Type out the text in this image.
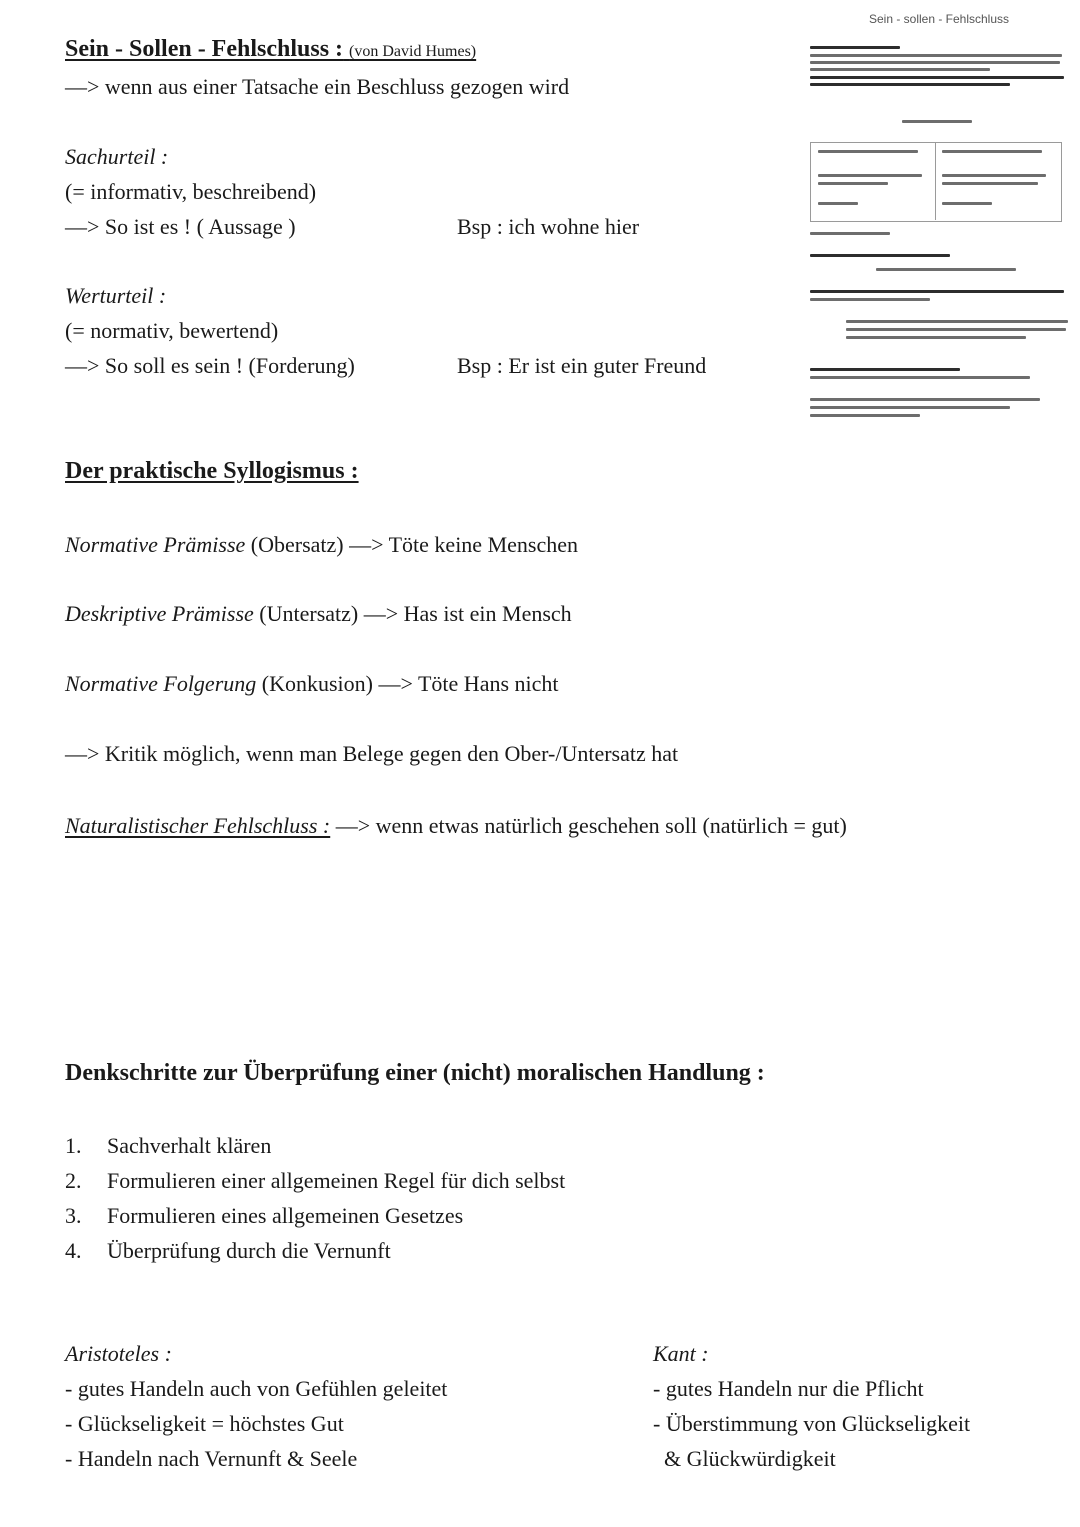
Sein - Sollen - Fehlschluss : (von David Humes)
—> wenn aus einer Tatsache ein Beschluss gezogen wird
Sachurteil :
(= informativ, beschreibend)
—> So ist es ! ( Aussage )	Bsp : ich wohne hier
Werturteil :
(= normativ, bewertend)
—> So soll es sein ! (Forderung)	Bsp : Er ist ein guter Freund
Sein - sollen - Fehlschluss
Der praktische Syllogismus :
Normative Prämisse (Obersatz) —> Töte keine Menschen
Deskriptive Prämisse (Untersatz) —> Has ist ein Mensch
Normative Folgerung (Konkusion) —> Töte Hans nicht
—> Kritik möglich, wenn man Belege gegen den Ober-/Untersatz hat
Naturalistischer Fehlschluss : —> wenn etwas natürlich geschehen soll (natürlich = gut)
Denkschritte zur Überprüfung einer (nicht) moralischen Handlung :
1. Sachverhalt klären
2. Formulieren einer allgemeinen Regel für dich selbst
3. Formulieren eines allgemeinen Gesetzes
4. Überprüfung durch die Vernunft
Aristoteles :
- gutes Handeln auch von Gefühlen geleitet
- Glückseligkeit = höchstes Gut
- Handeln nach Vernunft & Seele
Kant :
- gutes Handeln nur die Pflicht
- Überstimmung von Glückseligkeit
& Glückwürdigkeit
